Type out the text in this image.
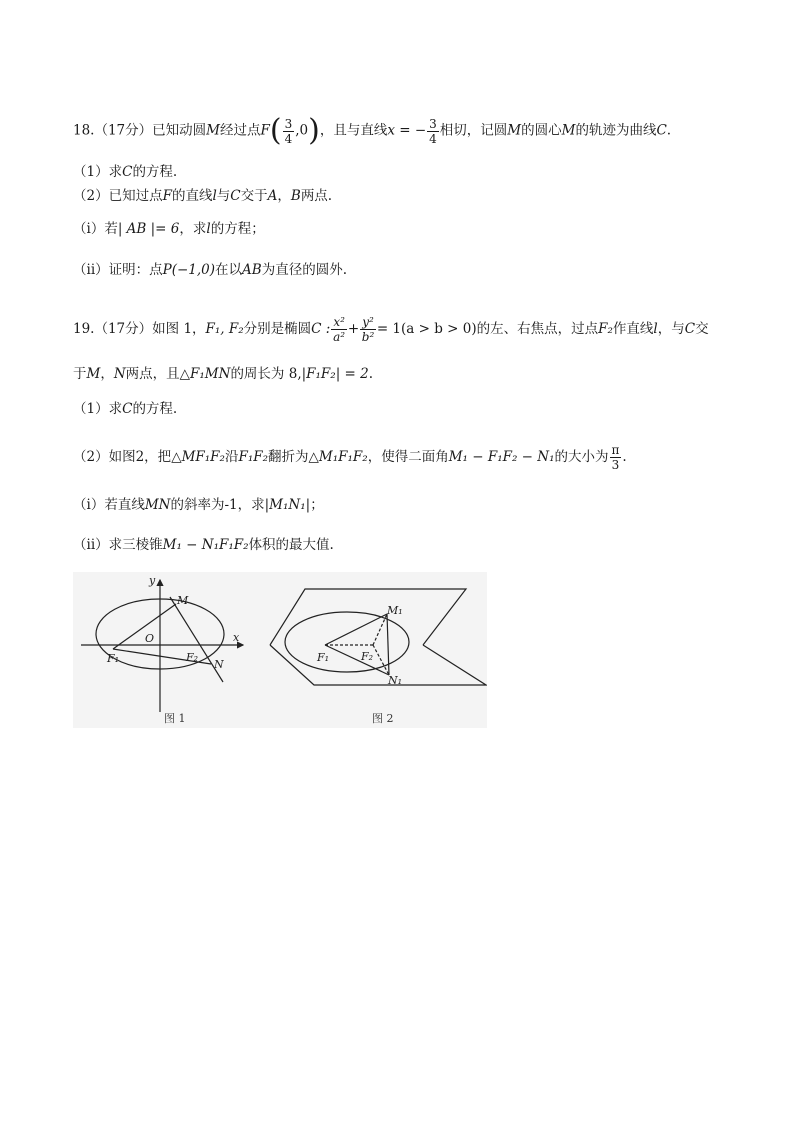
18.（17分）已知动圆M经过点$F( \frac{3}{4} ,0)$，且与直线x = − $\frac{3}{4}$ 相切，记圆M的圆心M的轨迹为曲线C.
（1）求C的方程.
（2）已知过点F的直线l与C交于A，B两点.
（i）若| AB |= 6，求l的方程；
（ii）证明：点P(−1,0)在以AB为直径的圆外.
19.（17分）如图 1，F₁, F₂分别是椭圆C : $\frac{\text{x²}}{\text{a²}} + \frac{\text{y²}}{\text{b²}} = 1(a > b > 0)$的左、右焦点，过点F₂作直线l，与C交
于M，N两点，且△F₁MN的周长为 8,|F₁F₂| = 2.
（1）求C的方程.
（2）如图2，把△MF₁F₂沿F₁F₂翻折为△M₁F₁F₂，使得二面角M₁ − F₁F₂ − N₁的大小为 $\frac{\pi}{3}$ .
（i）若直线MN的斜率为-1，求|M₁N₁|；
（ii）求三棱锥M₁ − N₁F₁F₂体积的最大值.
y
x
O
M
F₁	F₂
N
M₁
F₁	F₂
N₁
图 1	图 2
